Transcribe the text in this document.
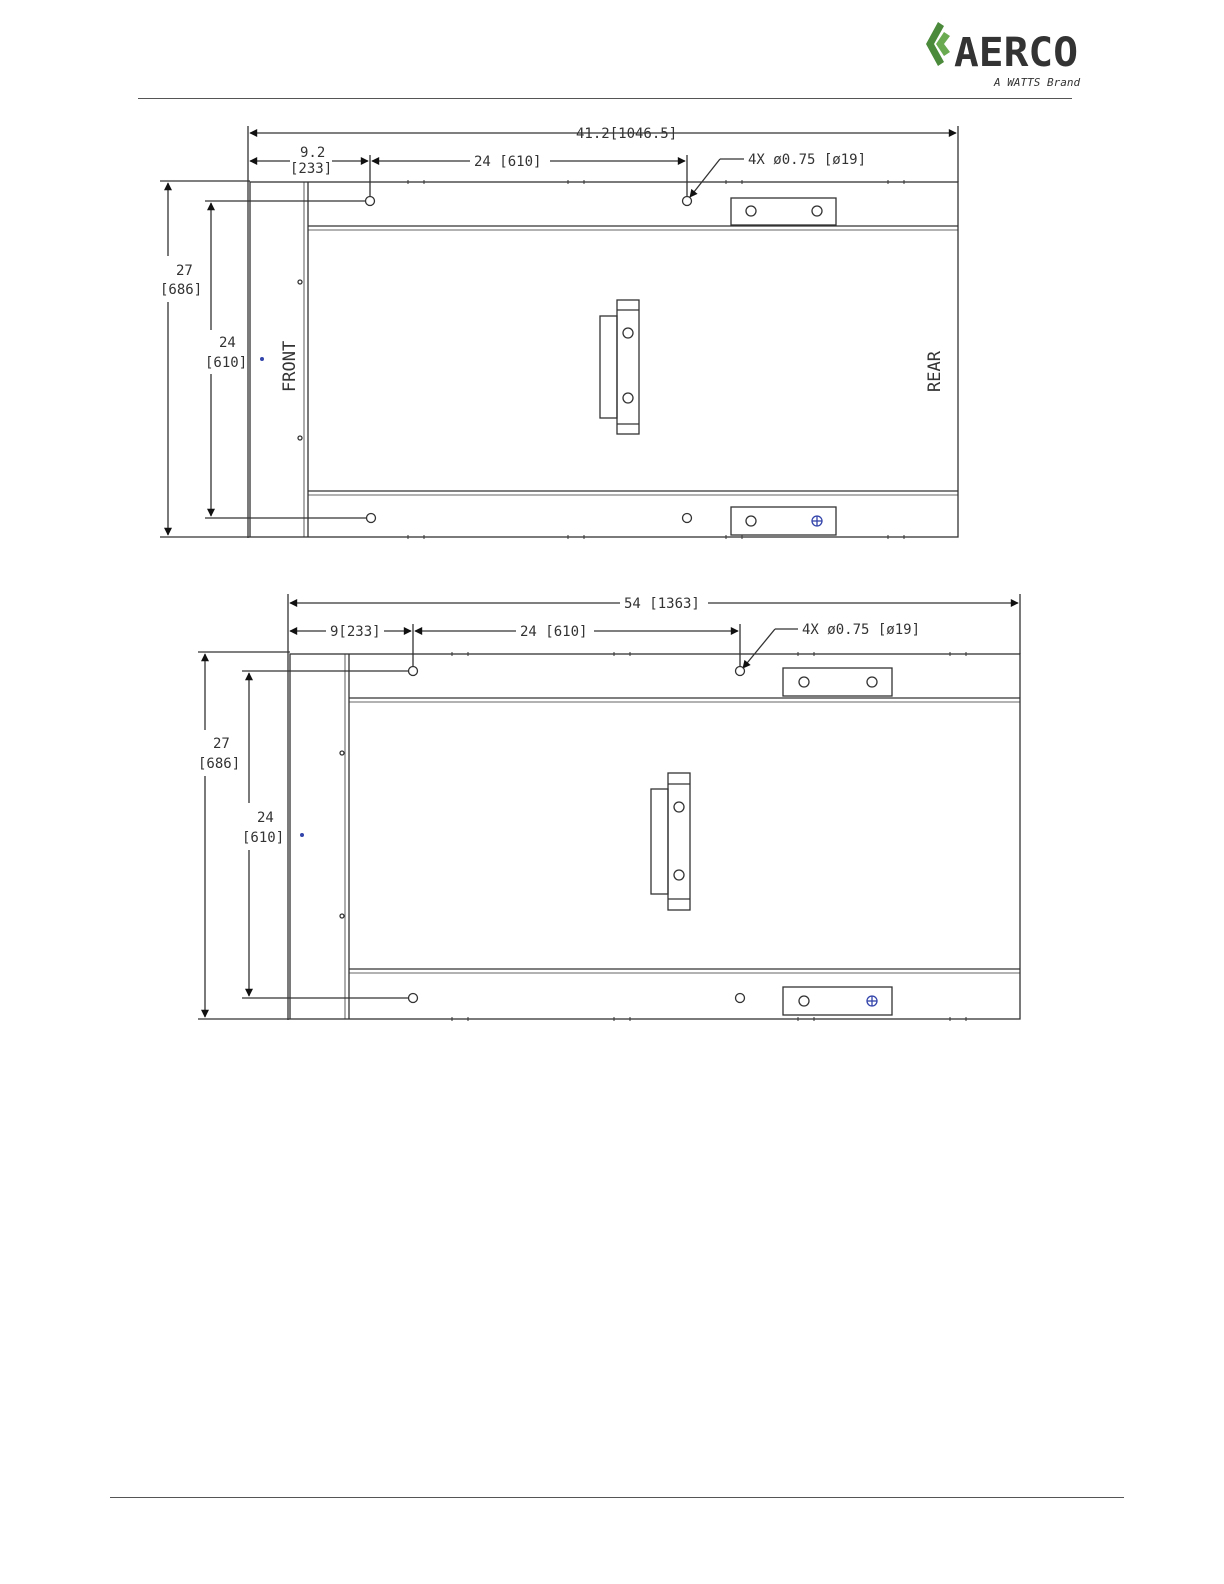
AERCO
A WATTS Brand
41.2[1046.5]
9.2
[233]	24 [610]	4X ø0.75 [ø19]
27
[686]
24
[610] FRONT	REAR
54 [1363]
9[233]	24 [610]	4X ø0.75 [ø19]
27
[686]
24
[610]
